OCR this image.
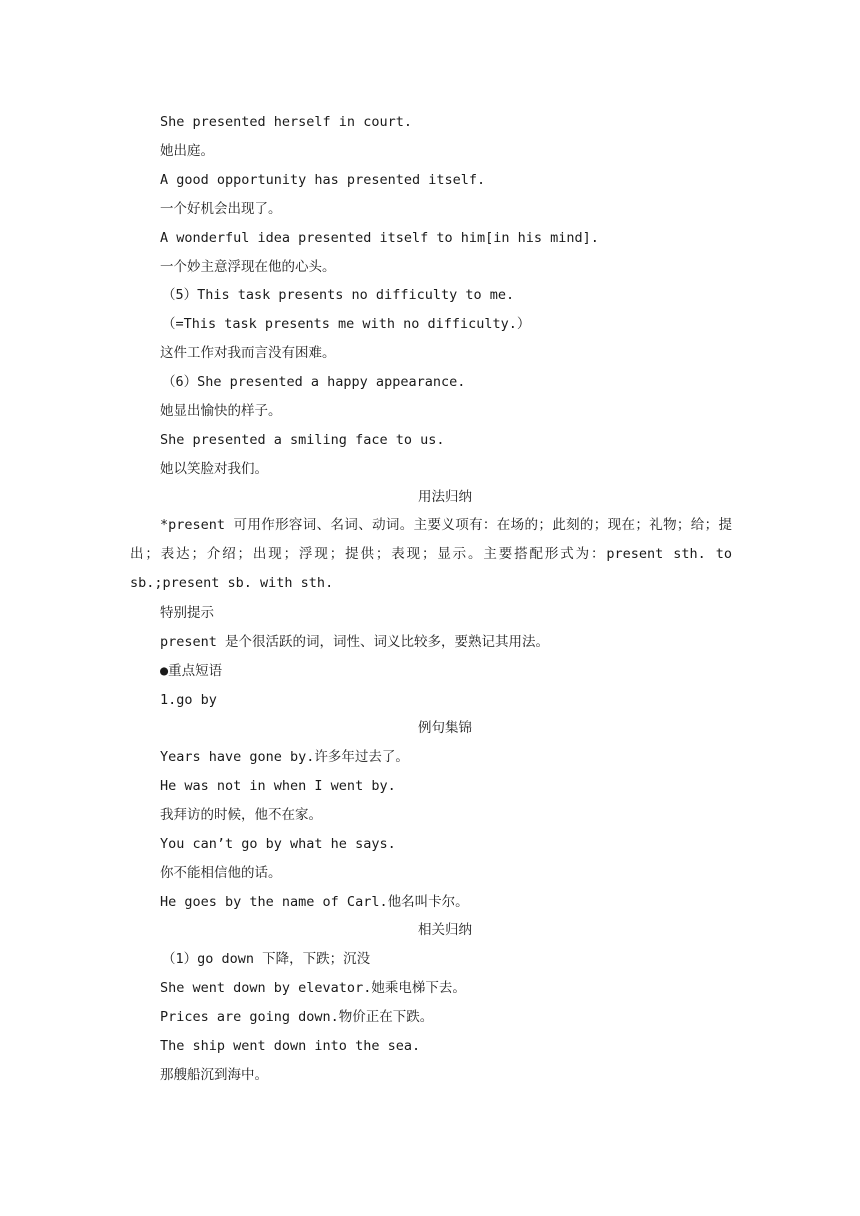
She presented herself in court.
她出庭。
A good opportunity has presented itself.
一个好机会出现了。
A wonderful idea presented itself to him[in his mind].
一个妙主意浮现在他的心头。
（5）This task presents no difficulty to me.
（=This task presents me with no difficulty.）
这件工作对我而言没有困难。
（6）She presented a happy appearance.
她显出愉快的样子。
She presented a smiling face to us.
她以笑脸对我们。
用法归纳
*present 可用作形容词、名词、动词。主要义项有：在场的；此刻的；现在；礼物；给；提出；表达；介绍；出现；浮现；提供；表现；显示。主要搭配形式为：present sth. to sb.;present sb. with sth.
特别提示
present 是个很活跃的词，词性、词义比较多，要熟记其用法。
●重点短语
1.go by
例句集锦
Years have gone by.许多年过去了。
He was not in when I went by.
我拜访的时候，他不在家。
You can’t go by what he says.
你不能相信他的话。
He goes by the name of Carl.他名叫卡尔。
相关归纳
（1）go down 下降，下跌；沉没
She went down by elevator.她乘电梯下去。
Prices are going down.物价正在下跌。
The ship went down into the sea.
那艘船沉到海中。
